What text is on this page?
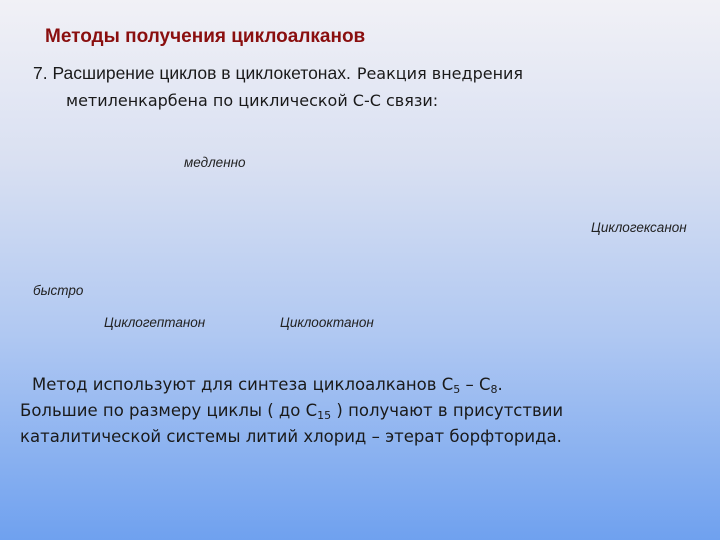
Методы получения циклоалканов
7. Расширение циклов в циклокетонах. Реакция внедрения
метиленкарбена по циклической С-С связи:
медленно
Циклогексанон
быстро
Циклогептанон	Циклооктанон
Метод используют для синтеза циклоалканов $С_5 - С_8$.
Большие по размеру циклы ( до $С_{15}$ ) получают в присутствии
каталитической системы литий хлорид – этерат борфторида.
